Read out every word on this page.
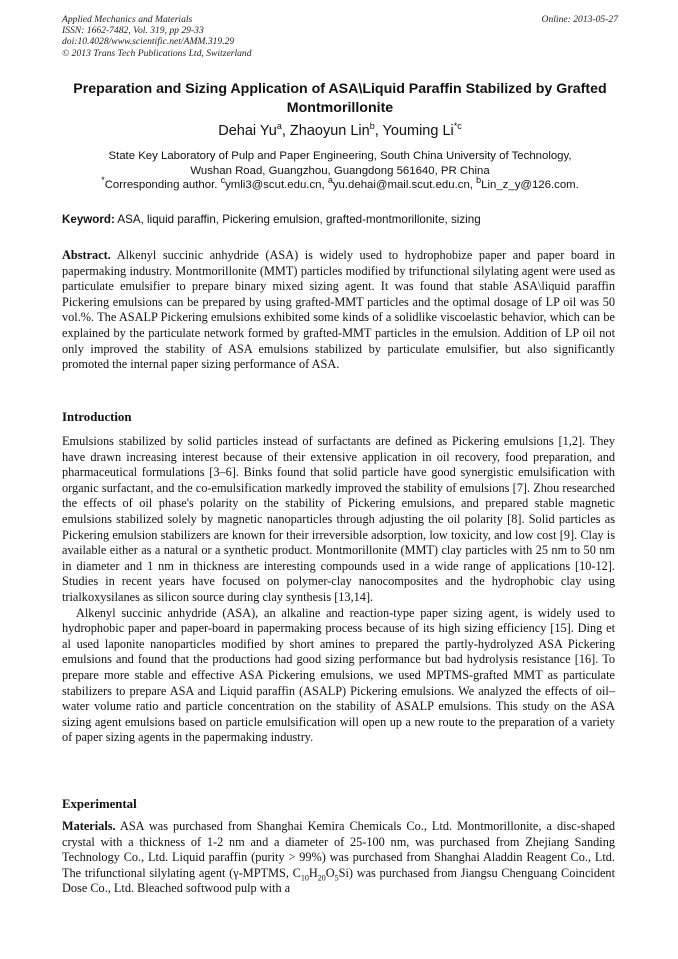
Applied Mechanics and Materials
ISSN: 1662-7482, Vol. 319, pp 29-33
doi:10.4028/www.scientific.net/AMM.319.29
© 2013 Trans Tech Publications Ltd, Switzerland
Online: 2013-05-27
Preparation and Sizing Application of ASA\Liquid Paraffin Stabilized by Grafted Montmorillonite
Dehai Yu$^a$, Zhaoyun Lin$^b$, Youming Li$^{*c}$
State Key Laboratory of Pulp and Paper Engineering, South China University of Technology,
Wushan Road, Guangzhou, Guangdong 561640, PR China
*Corresponding author. $^c$ymli3@scut.edu.cn, $^a$yu.dehai@mail.scut.edu.cn, $^b$Lin_z_y@126.com.
Keyword: ASA, liquid paraffin, Pickering emulsion, grafted-montmorillonite, sizing
Abstract. Alkenyl succinic anhydride (ASA) is widely used to hydrophobize paper and paper board in papermaking industry. Montmorillonite (MMT) particles modified by trifunctional silylating agent were used as particulate emulsifier to prepare binary mixed sizing agent. It was found that stable ASA\liquid paraffin Pickering emulsions can be prepared by using grafted-MMT particles and the optimal dosage of LP oil was 50 vol.%. The ASALP Pickering emulsions exhibited some kinds of a solidlike viscoelastic behavior, which can be explained by the particulate network formed by grafted-MMT particles in the emulsion. Addition of LP oil not only improved the stability of ASA emulsions stabilized by particulate emulsifier, but also significantly promoted the internal paper sizing performance of ASA.
Introduction

Emulsions stabilized by solid particles instead of surfactants are defined as Pickering emulsions [1,2]. They have drawn increasing interest because of their extensive application in oil recovery, food preparation, and pharmaceutical formulations [3–6]. Binks found that solid particle have good synergistic emulsification with organic surfactant, and the co-emulsification markedly improved the stability of emulsions [7]. Zhou researched the effects of oil phase's polarity on the stability of Pickering emulsions, and prepared stable magnetic emulsions stabilized solely by magnetic nanoparticles through adjusting the oil polarity [8]. Solid particles as Pickering emulsion stabilizers are known for their irreversible adsorption, low toxicity, and low cost [9]. Clay is available either as a natural or a synthetic product. Montmorillonite (MMT) clay particles with 25 nm to 50 nm in diameter and 1 nm in thickness are interesting compounds used in a wide range of applications [10-12]. Studies in recent years have focused on polymer-clay nanocomposites and the hydrophobic clay using trialkoxysilanes as silicon source during clay synthesis [13,14].

Alkenyl succinic anhydride (ASA), an alkaline and reaction-type paper sizing agent, is widely used to hydrophobic paper and paper-board in papermaking process because of its high sizing efficiency [15]. Ding et al used laponite nanoparticles modified by short amines to prepared the partly-hydrolyzed ASA Pickering emulsions and found that the productions had good sizing performance but bad hydrolysis resistance [16]. To prepare more stable and effective ASA Pickering emulsions, we used MPTMS-grafted MMT as particulate stabilizers to prepare ASA and Liquid paraffin (ASALP) Pickering emulsions. We analyzed the effects of oil–water volume ratio and particle concentration on the stability of ASALP emulsions. This study on the ASA sizing agent emulsions based on particle emulsification will open up a new route to the preparation of a variety of paper sizing agents in the papermaking industry.

Experimental
Materials. ASA was purchased from Shanghai Kemira Chemicals Co., Ltd. Montmorillonite, a disc-shaped crystal with a thickness of 1-2 nm and a diameter of 25-100 nm, was purchased from Zhejiang Sanding Technology Co., Ltd. Liquid paraffin (purity > 99%) was purchased from Shanghai Aladdin Reagent Co., Ltd. The trifunctional silylating agent (γ-MPTMS, $C_{10}H_{20}O_5Si$) was purchased from Jiangsu Chenguang Coincident Dose Co., Ltd. Bleached softwood pulp with a
